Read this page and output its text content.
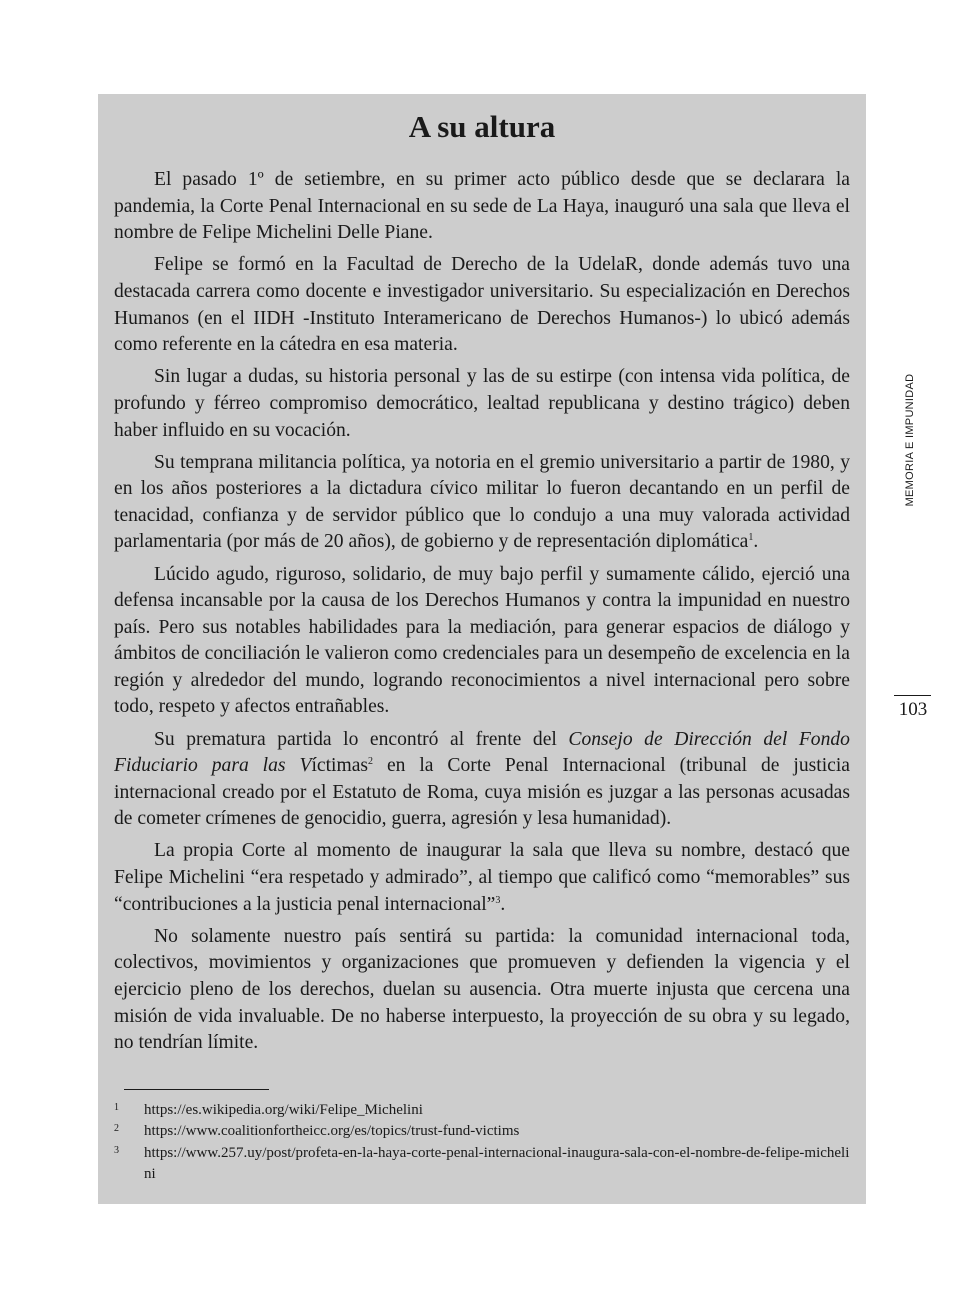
A su altura

El pasado 1º de setiembre, en su primer acto público desde que se declarara la pandemia, la Corte Penal Internacional en su sede de La Haya, inauguró una sala que lleva el nombre de Felipe Michelini Delle Piane.

Felipe se formó en la Facultad de Derecho de la UdelaR, donde además tuvo una destacada carrera como docente e investigador universitario. Su especialización en Derechos Humanos (en el IIDH -Instituto Interamericano de Derechos Humanos-) lo ubicó además como referente en la cátedra en esa materia.

Sin lugar a dudas, su historia personal y las de su estirpe (con intensa vida política, de profundo y férreo compromiso democrático, lealtad republicana y destino trágico) deben haber influido en su vocación.

Su temprana militancia política, ya notoria en el gremio universitario a partir de 1980, y en los años posteriores a la dictadura cívico militar lo fueron decantando en un perfil de tenacidad, confianza y de servidor público que lo condujo a una muy valorada actividad parlamentaria (por más de 20 años), de gobierno y de representación diplomática$^1$.

Lúcido agudo, riguroso, solidario, de muy bajo perfil y sumamente cálido, ejerció una defensa incansable por la causa de los Derechos Humanos y contra la impunidad en nuestro país. Pero sus notables habilidades para la mediación, para generar espacios de diálogo y ámbitos de conciliación le valieron como credenciales para un desempeño de excelencia en la región y alrededor del mundo, logrando reconocimientos a nivel internacional pero sobre todo, respeto y afectos entrañables.

Su prematura partida lo encontró al frente del Consejo de Dirección del Fondo Fiduciario para las Víctimas$^2$ en la Corte Penal Internacional (tribunal de justicia internacional creado por el Estatuto de Roma, cuya misión es juzgar a las personas acusadas de cometer crímenes de genocidio, guerra, agresión y lesa humanidad).

La propia Corte al momento de inaugurar la sala que lleva su nombre, destacó que Felipe Michelini “era respetado y admirado”, al tiempo que calificó como “memorables” sus “contribuciones a la justicia penal internacional”$^3$.

No solamente nuestro país sentirá su partida: la comunidad internacional toda, colectivos, movimientos y organizaciones que promueven y defienden la vigencia y el ejercicio pleno de los derechos, duelan su ausencia. Otra muerte injusta que cercena una misión de vida invaluable. De no haberse interpuesto, la proyección de su obra y su legado, no tendrían límite.

1	https://es.wikipedia.org/wiki/Felipe_Michelini
2	https://www.coalitionfortheicc.org/es/topics/trust-fund-victims
3	https://www.257.uy/post/profeta-en-la-haya-corte-penal-internacional-inaugura-sala-con-el-nombre-de-felipe-michelini
MEMORIA E IMPUNIDAD
103
